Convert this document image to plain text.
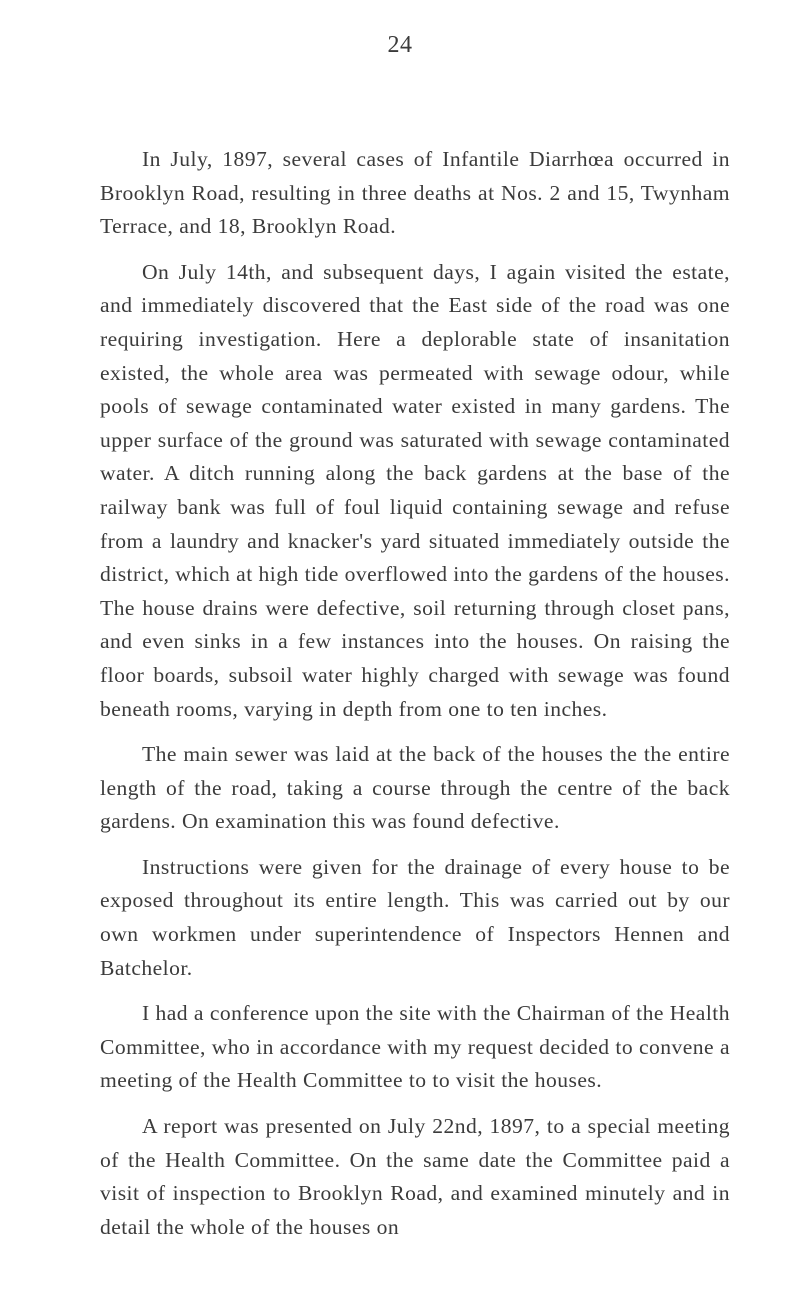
24

In July, 1897, several cases of Infantile Diarrhœa occurred in Brooklyn Road, resulting in three deaths at Nos. 2 and 15, Twynham Terrace, and 18, Brooklyn Road.

On July 14th, and subsequent days, I again visited the estate, and immediately discovered that the East side of the road was one requiring investigation. Here a deplorable state of insanitation existed, the whole area was permeated with sewage odour, while pools of sewage contaminated water existed in many gardens. The upper surface of the ground was saturated with sewage contaminated water. A ditch running along the back gardens at the base of the railway bank was full of foul liquid containing sewage and refuse from a laundry and knacker's yard situated immediately outside the district, which at high tide overflowed into the gardens of the houses. The house drains were defective, soil returning through closet pans, and even sinks in a few instances into the houses. On raising the floor boards, subsoil water highly charged with sewage was found beneath rooms, varying in depth from one to ten inches.

The main sewer was laid at the back of the houses the the entire length of the road, taking a course through the centre of the back gardens. On examination this was found defective.

Instructions were given for the drainage of every house to be exposed throughout its entire length. This was carried out by our own workmen under superintendence of Inspectors Hennen and Batchelor.

I had a conference upon the site with the Chairman of the Health Committee, who in accordance with my request decided to convene a meeting of the Health Committee to to visit the houses.

A report was presented on July 22nd, 1897, to a special meeting of the Health Committee. On the same date the Committee paid a visit of inspection to Brooklyn Road, and examined minutely and in detail the whole of the houses on
